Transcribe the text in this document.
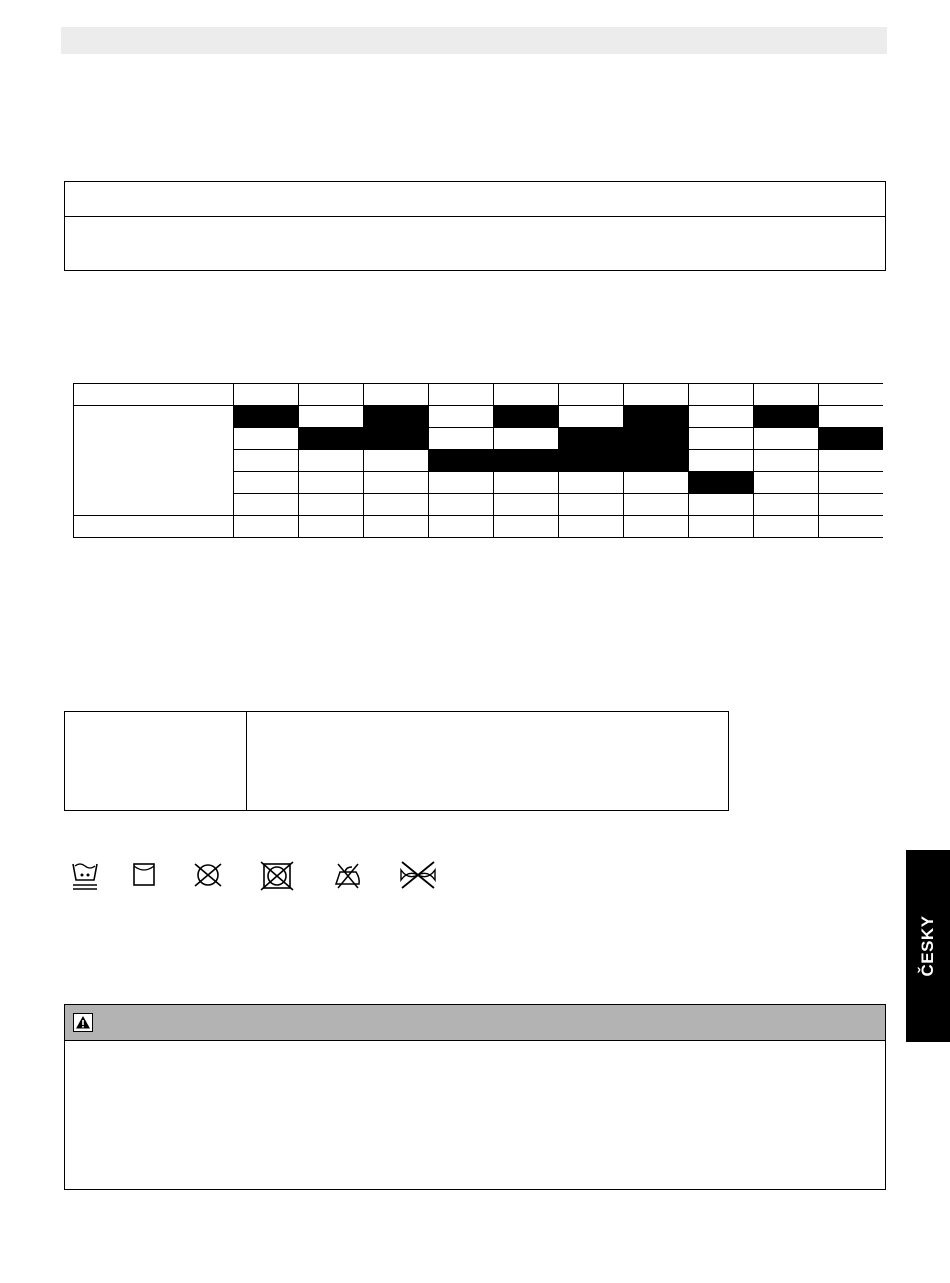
ČESKY
